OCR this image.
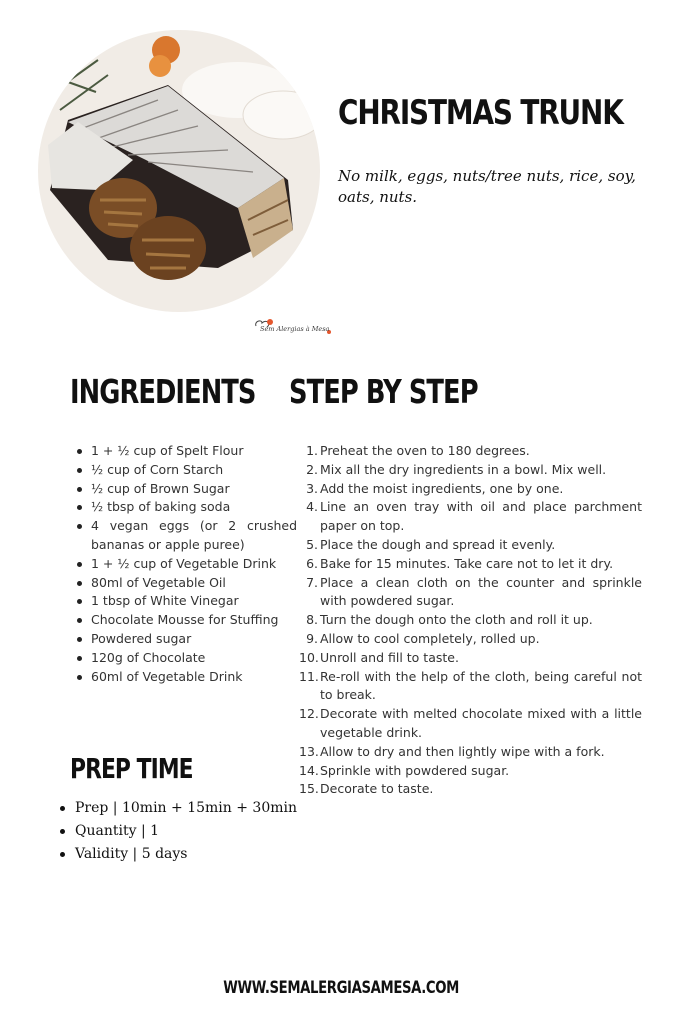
Sem Alergias à Mesa
CHRISTMAS TRUNK
No milk, eggs, nuts/tree nuts, rice, soy, oats, nuts.
INGREDIENTS STEP BY STEP
1 + ½ cup of Spelt Flour
½ cup of Corn Starch
½ cup of Brown Sugar
½ tbsp of baking soda
4 vegan eggs (or 2 crushed bananas or apple puree)
1 + ½ cup of Vegetable Drink
80ml of Vegetable Oil
1 tbsp of White Vinegar
Chocolate Mousse for Stuffing
Powdered sugar
120g of Chocolate
60ml of Vegetable Drink
1. Preheat the oven to 180 degrees.
2. Mix all the dry ingredients in a bowl. Mix well.
3. Add the moist ingredients, one by one.
4. Line an oven tray with oil and place parchment paper on top.
5. Place the dough and spread it evenly.
6. Bake for 15 minutes. Take care not to let it dry.
7. Place a clean cloth on the counter and sprinkle with powdered sugar.
8. Turn the dough onto the cloth and roll it up.
9. Allow to cool completely, rolled up.
10. Unroll and fill to taste.
11. Re-roll with the help of the cloth, being careful not to break.
12. Decorate with melted chocolate mixed with a little vegetable drink.
13. Allow to dry and then lightly wipe with a fork.
14. Sprinkle with powdered sugar.
15. Decorate to taste.
PREP TIME
Prep | 10min + 15min + 30min
Quantity | 1
Validity | 5 days
WWW.SEMALERGIASAMESA.COM
